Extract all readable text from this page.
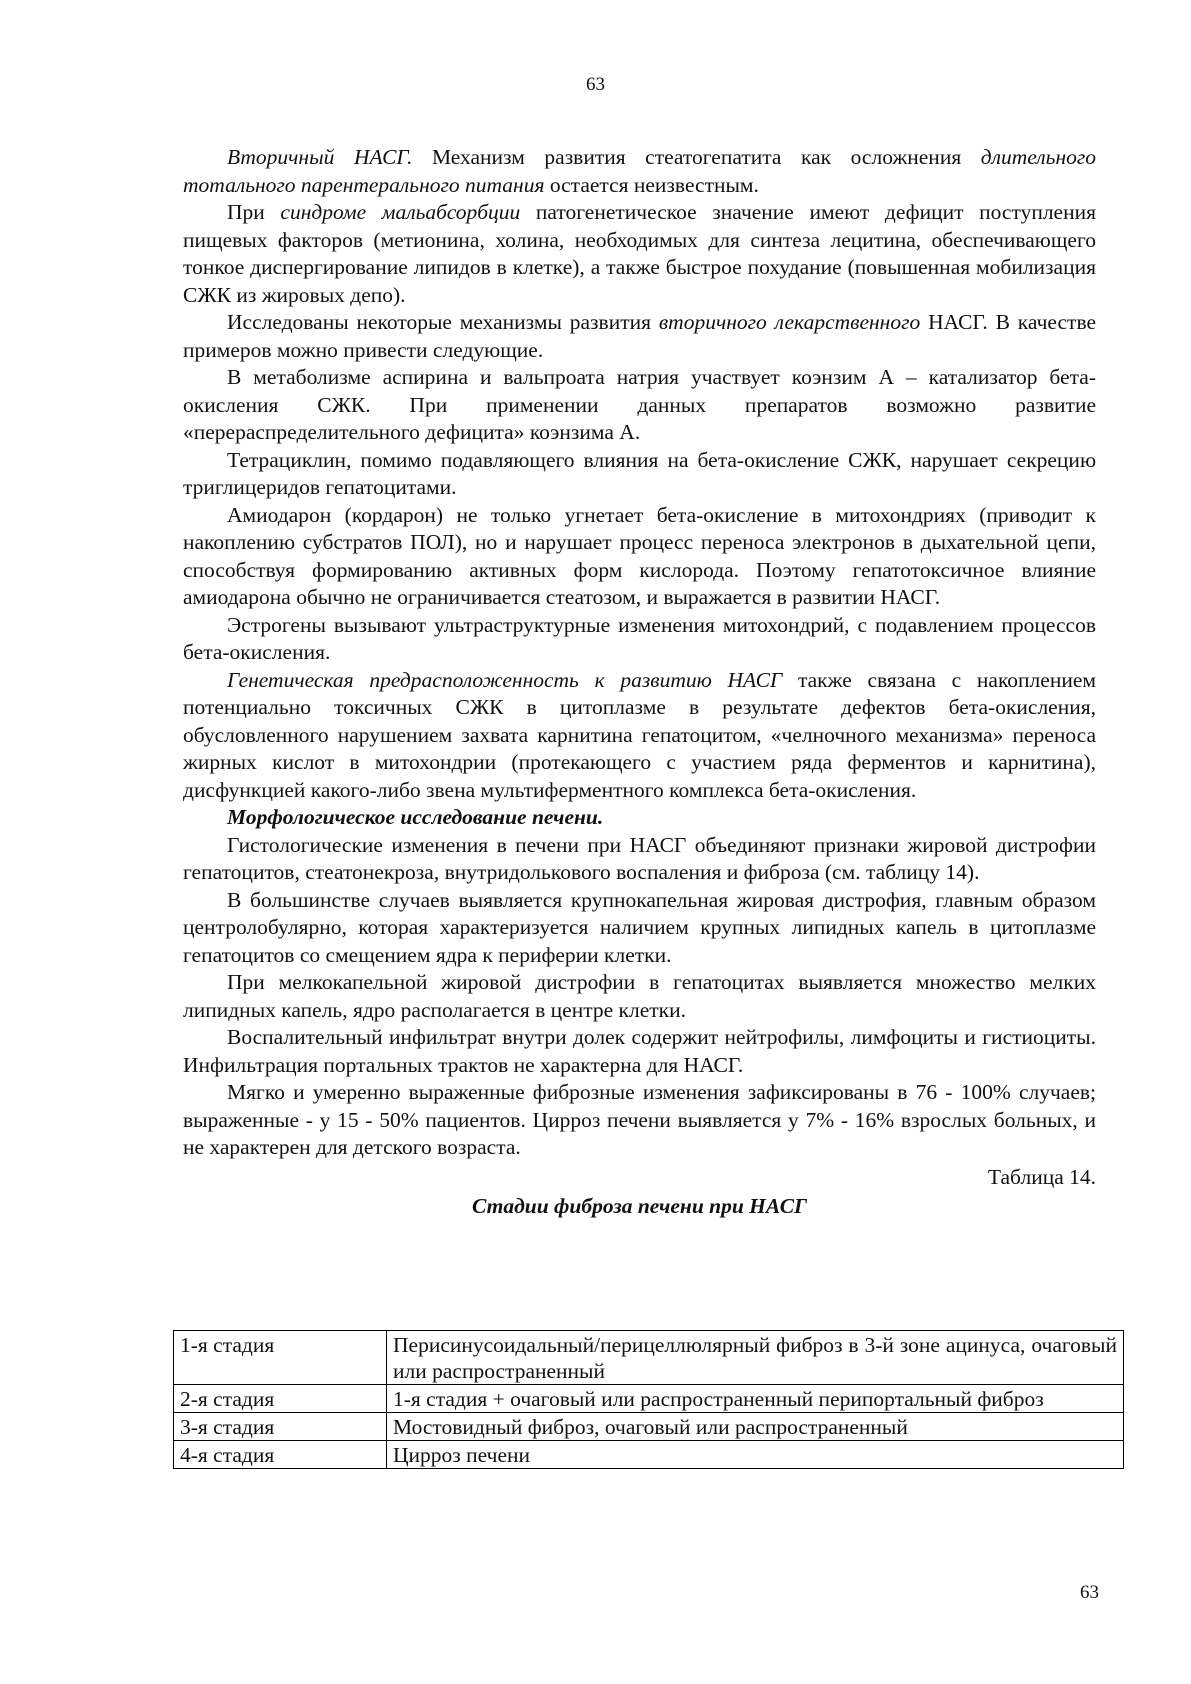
63

Вторичный НАСГ. Механизм развития стеатогепатита как осложнения длительного тотального парентерального питания остается неизвестным.

При синдроме мальабсорбции патогенетическое значение имеют дефицит поступления пищевых факторов (метионина, холина, необходимых для синтеза лецитина, обеспечивающего тонкое диспергирование липидов в клетке), а также быстрое похудание (повышенная мобилизация СЖК из жировых депо).

Исследованы некоторые механизмы развития вторичного лекарственного НАСГ. В качестве примеров можно привести следующие.

В метаболизме аспирина и вальпроата натрия участвует коэнзим А – катализатор бета-окисления СЖК. При применении данных препаратов возможно развитие «перераспределительного дефицита» коэнзима А.

Тетрациклин, помимо подавляющего влияния на бета-окисление СЖК, нарушает секрецию триглицеридов гепатоцитами.

Амиодарон (кордарон) не только угнетает бета-окисление в митохондриях (приводит к накоплению субстратов ПОЛ), но и нарушает процесс переноса электронов в дыхательной цепи, способствуя формированию активных форм кислорода. Поэтому гепатотоксичное влияние амиодарона обычно не ограничивается стеатозом, и выражается в развитии НАСГ.

Эстрогены вызывают ультраструктурные изменения митохондрий, с подавлением процессов бета-окисления.

Генетическая предрасположенность к развитию НАСГ также связана с накоплением потенциально токсичных СЖК в цитоплазме в результате дефектов бета-окисления, обусловленного нарушением захвата карнитина гепатоцитом, «челночного механизма» переноса жирных кислот в митохондрии (протекающего с участием ряда ферментов и карнитина), дисфункцией какого-либо звена мультиферментного комплекса бета-окисления.

Морфологическое исследование печени.

Гистологические изменения в печени при НАСГ объединяют признаки жировой дистрофии гепатоцитов, стеатонекроза, внутридолькового воспаления и фиброза (см. таблицу 14).

В большинстве случаев выявляется крупнокапельная жировая дистрофия, главным образом центролобулярно, которая характеризуется наличием крупных липидных капель в цитоплазме гепатоцитов со смещением ядра к периферии клетки.

При мелкокапельной жировой дистрофии в гепатоцитах выявляется множество мелких липидных капель, ядро располагается в центре клетки.

Воспалительный инфильтрат внутри долек содержит нейтрофилы, лимфоциты и гистиоциты. Инфильтрация портальных трактов не характерна для НАСГ.

Мягко и умеренно выраженные фиброзные изменения зафиксированы в 76 - 100% случаев; выраженные - у 15 - 50% пациентов. Цирроз печени выявляется у 7% - 16% взрослых больных, и не характерен для детского возраста.

Таблица 14.
Стадии фиброза печени при НАСГ
1-я стадия	Перисинусоидальный/перицеллюлярный фиброз в 3-й зоне ацинуса, очаговый или распространенный
2-я стадия	1-я стадия + очаговый или распространенный перипортальный фиброз
3-я стадия	Мостовидный фиброз, очаговый или распространенный
4-я стадия	Цирроз печени
63
